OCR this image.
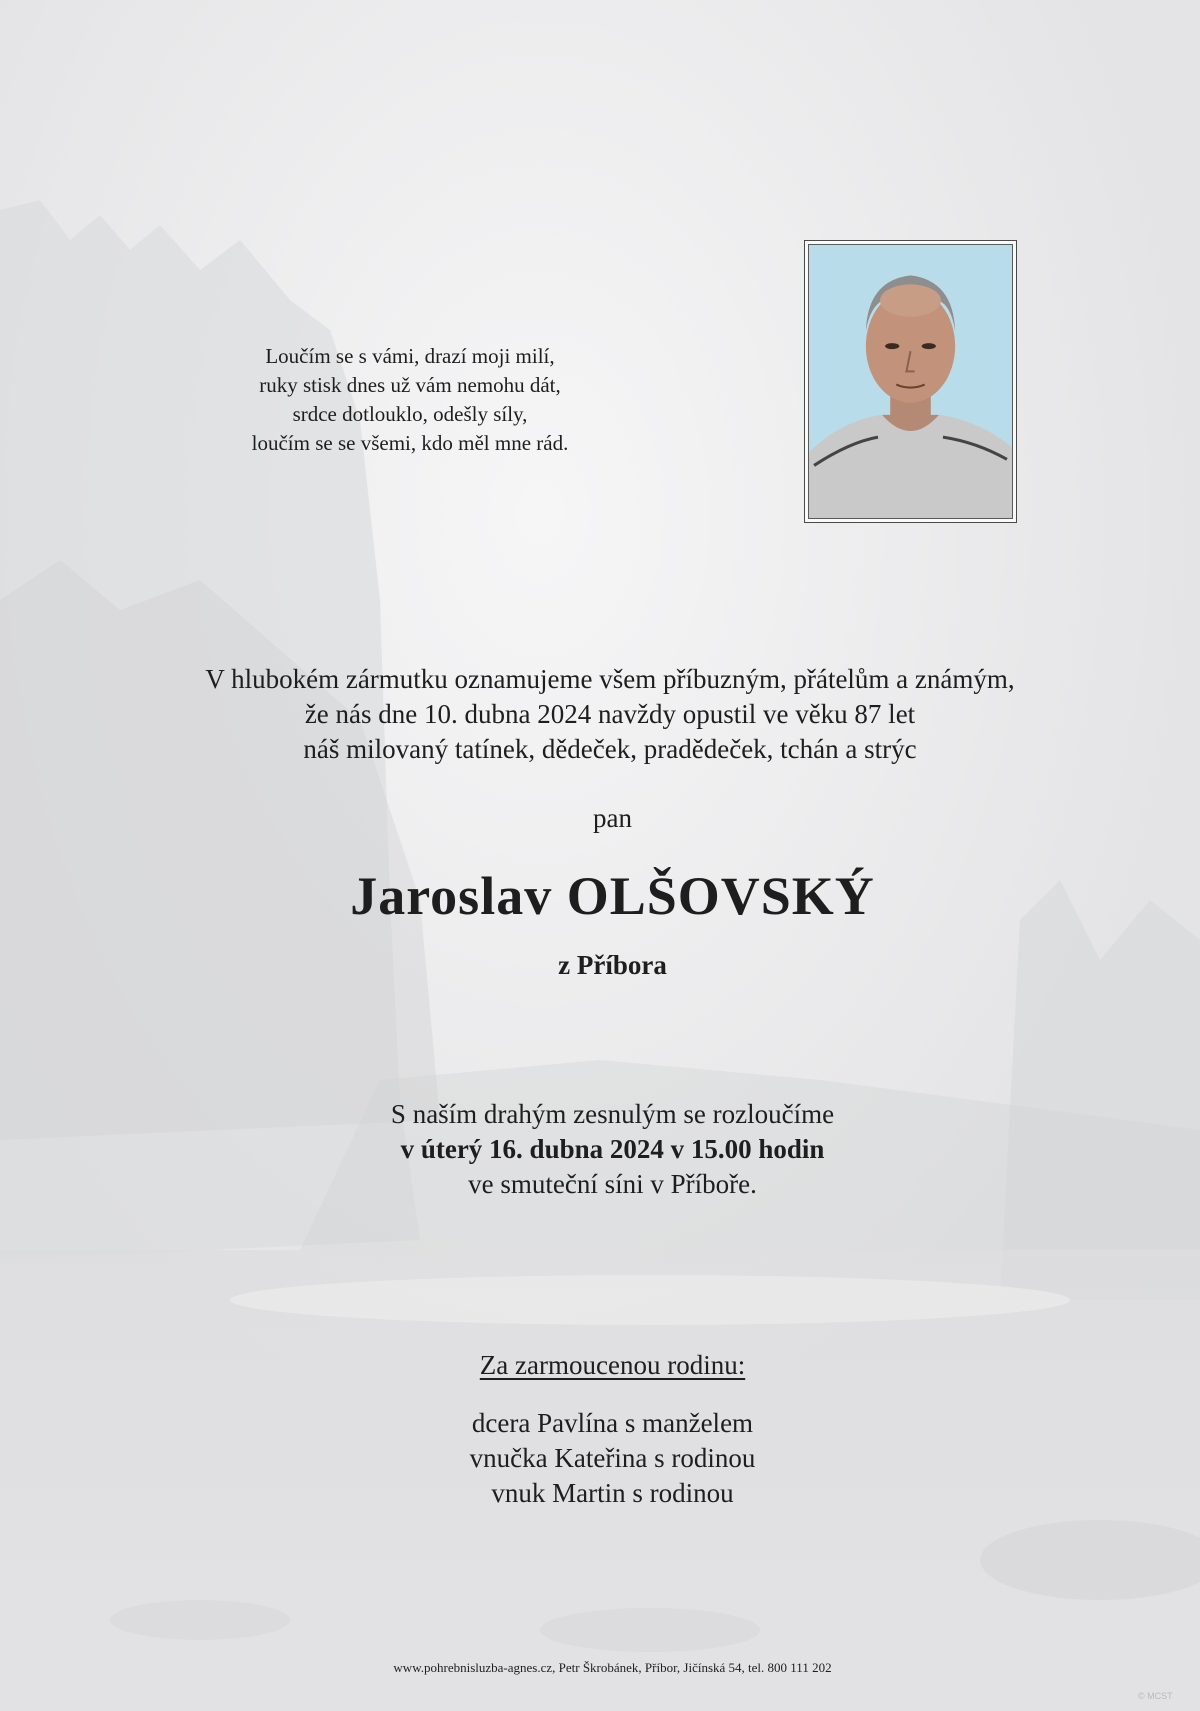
Loučím se s vámi, drazí moji milí,
ruky stisk dnes už vám nemohu dát,
srdce dotlouklo, odešly síly,
loučím se se všemi, kdo měl mne rád.
V hlubokém zármutku oznamujeme všem příbuzným, přátelům a známým,
že nás dne 10. dubna 2024 navždy opustil ve věku 87 let
náš milovaný tatínek, dědeček, pradědeček, tchán a strýc
pan
Jaroslav OLŠOVSKÝ
z Příbora
S naším drahým zesnulým se rozloučíme
v úterý 16. dubna 2024 v 15.00 hodin
ve smuteční síni v Příboře.
Za zarmoucenou rodinu:
dcera Pavlína s manželem
vnučka Kateřina s rodinou
vnuk Martin s rodinou
www.pohrebnisluzba-agnes.cz, Petr Škrobánek, Příbor, Jičínská 54, tel. 800 111 202
© MCST
